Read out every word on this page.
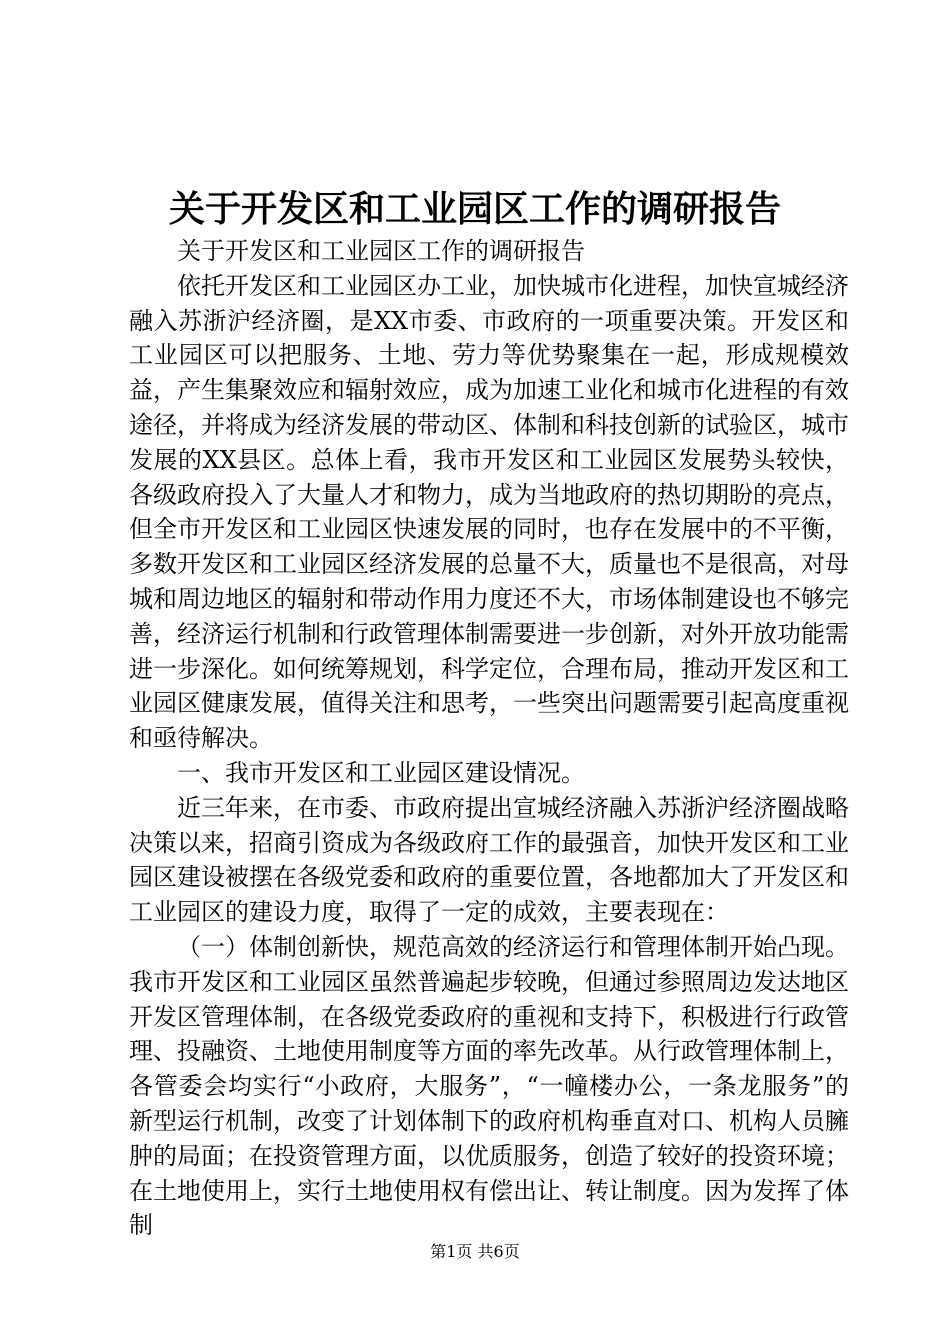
关于开发区和工业园区工作的调研报告

关于开发区和工业园区工作的调研报告

依托开发区和工业园区办工业，加快城市化进程，加快宣城经济融入苏浙沪经济圈，是XX市委、市政府的一项重要决策。开发区和工业园区可以把服务、土地、劳力等优势聚集在一起，形成规模效益，产生集聚效应和辐射效应，成为加速工业化和城市化进程的有效途径，并将成为经济发展的带动区、体制和科技创新的试验区，城市发展的XX县区。总体上看，我市开发区和工业园区发展势头较快，各级政府投入了大量人才和物力，成为当地政府的热切期盼的亮点，但全市开发区和工业园区快速发展的同时，也存在发展中的不平衡，多数开发区和工业园区经济发展的总量不大，质量也不是很高，对母城和周边地区的辐射和带动作用力度还不大，市场体制建设也不够完善，经济运行机制和行政管理体制需要进一步创新，对外开放功能需进一步深化。如何统筹规划，科学定位，合理布局，推动开发区和工业园区健康发展，值得关注和思考，一些突出问题需要引起高度重视和亟待解决。

一、我市开发区和工业园区建设情况。

近三年来，在市委、市政府提出宣城经济融入苏浙沪经济圈战略决策以来，招商引资成为各级政府工作的最强音，加快开发区和工业园区建设被摆在各级党委和政府的重要位置，各地都加大了开发区和工业园区的建设力度，取得了一定的成效，主要表现在：

（一）体制创新快，规范高效的经济运行和管理体制开始凸现。我市开发区和工业园区虽然普遍起步较晚，但通过参照周边发达地区开发区管理体制，在各级党委政府的重视和支持下，积极进行行政管理、投融资、土地使用制度等方面的率先改革。从行政管理体制上，各管委会均实行“小政府，大服务”，“一幢楼办公，一条龙服务”的新型运行机制，改变了计划体制下的政府机构垂直对口、机构人员臃肿的局面；在投资管理方面，以优质服务，创造了较好的投资环境；在土地使用上，实行土地使用权有偿出让、转让制度。因为发挥了体制

第1页 共6页
